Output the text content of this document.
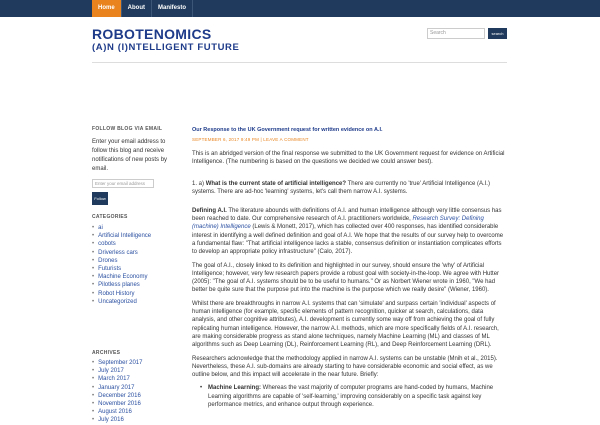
Home	About	Manifesto
ROBOTENOMICS
(A)N (I)NTELLIGENT FUTURE
Search	search
FOLLOW BLOG VIA EMAIL
Enter your email address to follow this blog and receive notifications of new posts by email.
Enter your email address
Follow
CATEGORIES
• ai
• Artificial Intelligence
• cobots
• Driverless cars
• Drones
• Futurists
• Machine Economy
• Pilotless planes
• Robot History
• Uncategorized
ARCHIVES
• September 2017
• July 2017
• March 2017
• January 2017
• December 2016
• November 2016
• August 2016
• July 2016
Our Response to the UK Government request for written evidence on A.I.
SEPTEMBER 6, 2017 9:49 PM | LEAVE A COMMENT

This is an abridged version of the final response we submitted to the UK Government request for evidence on Artificial Intelligence. (The numbering is based on the questions we decided we could answer best).

1. a) What is the current state of artificial intelligence? There are currently no 'true' Artificial Intelligence (A.I.) systems. There are ad-hoc 'learning' systems, let's call them narrow A.I. systems.

Defining A.I. The literature abounds with definitions of A.I. and human intelligence although very little consensus has been reached to date. Our comprehensive research of A.I. practitioners worldwide, Research Survey: Defining (machine) Intelligence (Lewis & Monett, 2017), which has collected over 400 responses, has identified considerable interest in identifying a well defined definition and goal of A.I. We hope that the results of our survey help to overcome a fundamental flaw: "That artificial intelligence lacks a stable, consensus definition or instantiation complicates efforts to develop an appropriate policy infrastructure" (Calo, 2017).

The goal of A.I., closely linked to its definition and highlighted in our survey, should ensure the 'why' of Artificial Intelligence; however, very few research papers provide a robust goal with society-in-the-loop. We agree with Hutter (2005): "The goal of A.I. systems should be to be useful to humans." Or as Norbert Wiener wrote in 1960, "We had better be quite sure that the purpose put into the machine is the purpose which we really desire" (Wiener, 1960).

Whilst there are breakthroughs in narrow A.I. systems that can 'simulate' and surpass certain 'individual' aspects of human intelligence (for example, specific elements of pattern recognition, quicker at search, calculations, data analysis, and other cognitive attributes), A.I. development is currently some way off from achieving the goal of fully replicating human intelligence. However, the narrow A.I. methods, which are more specifically fields of A.I. research, are making considerable progress as stand alone techniques, namely Machine Learning (ML) and classes of ML algorithms such as Deep Learning (DL), Reinforcement Learning (RL), and Deep Reinforcement Learning (DRL).

Researchers acknowledge that the methodology applied in narrow A.I. systems can be unstable (Mnih et al., 2015). Nevertheless, these A.I. sub-domains are already starting to have considerable economic and social effect, as we outline below, and this impact will accelerate in the near future. Briefly:

• Machine Learning: Whereas the vast majority of computer programs are hand-coded by humans, Machine Learning algorithms are capable of 'self-learning,' improving considerably on a specific task against key performance metrics, and enhance output through experience.
